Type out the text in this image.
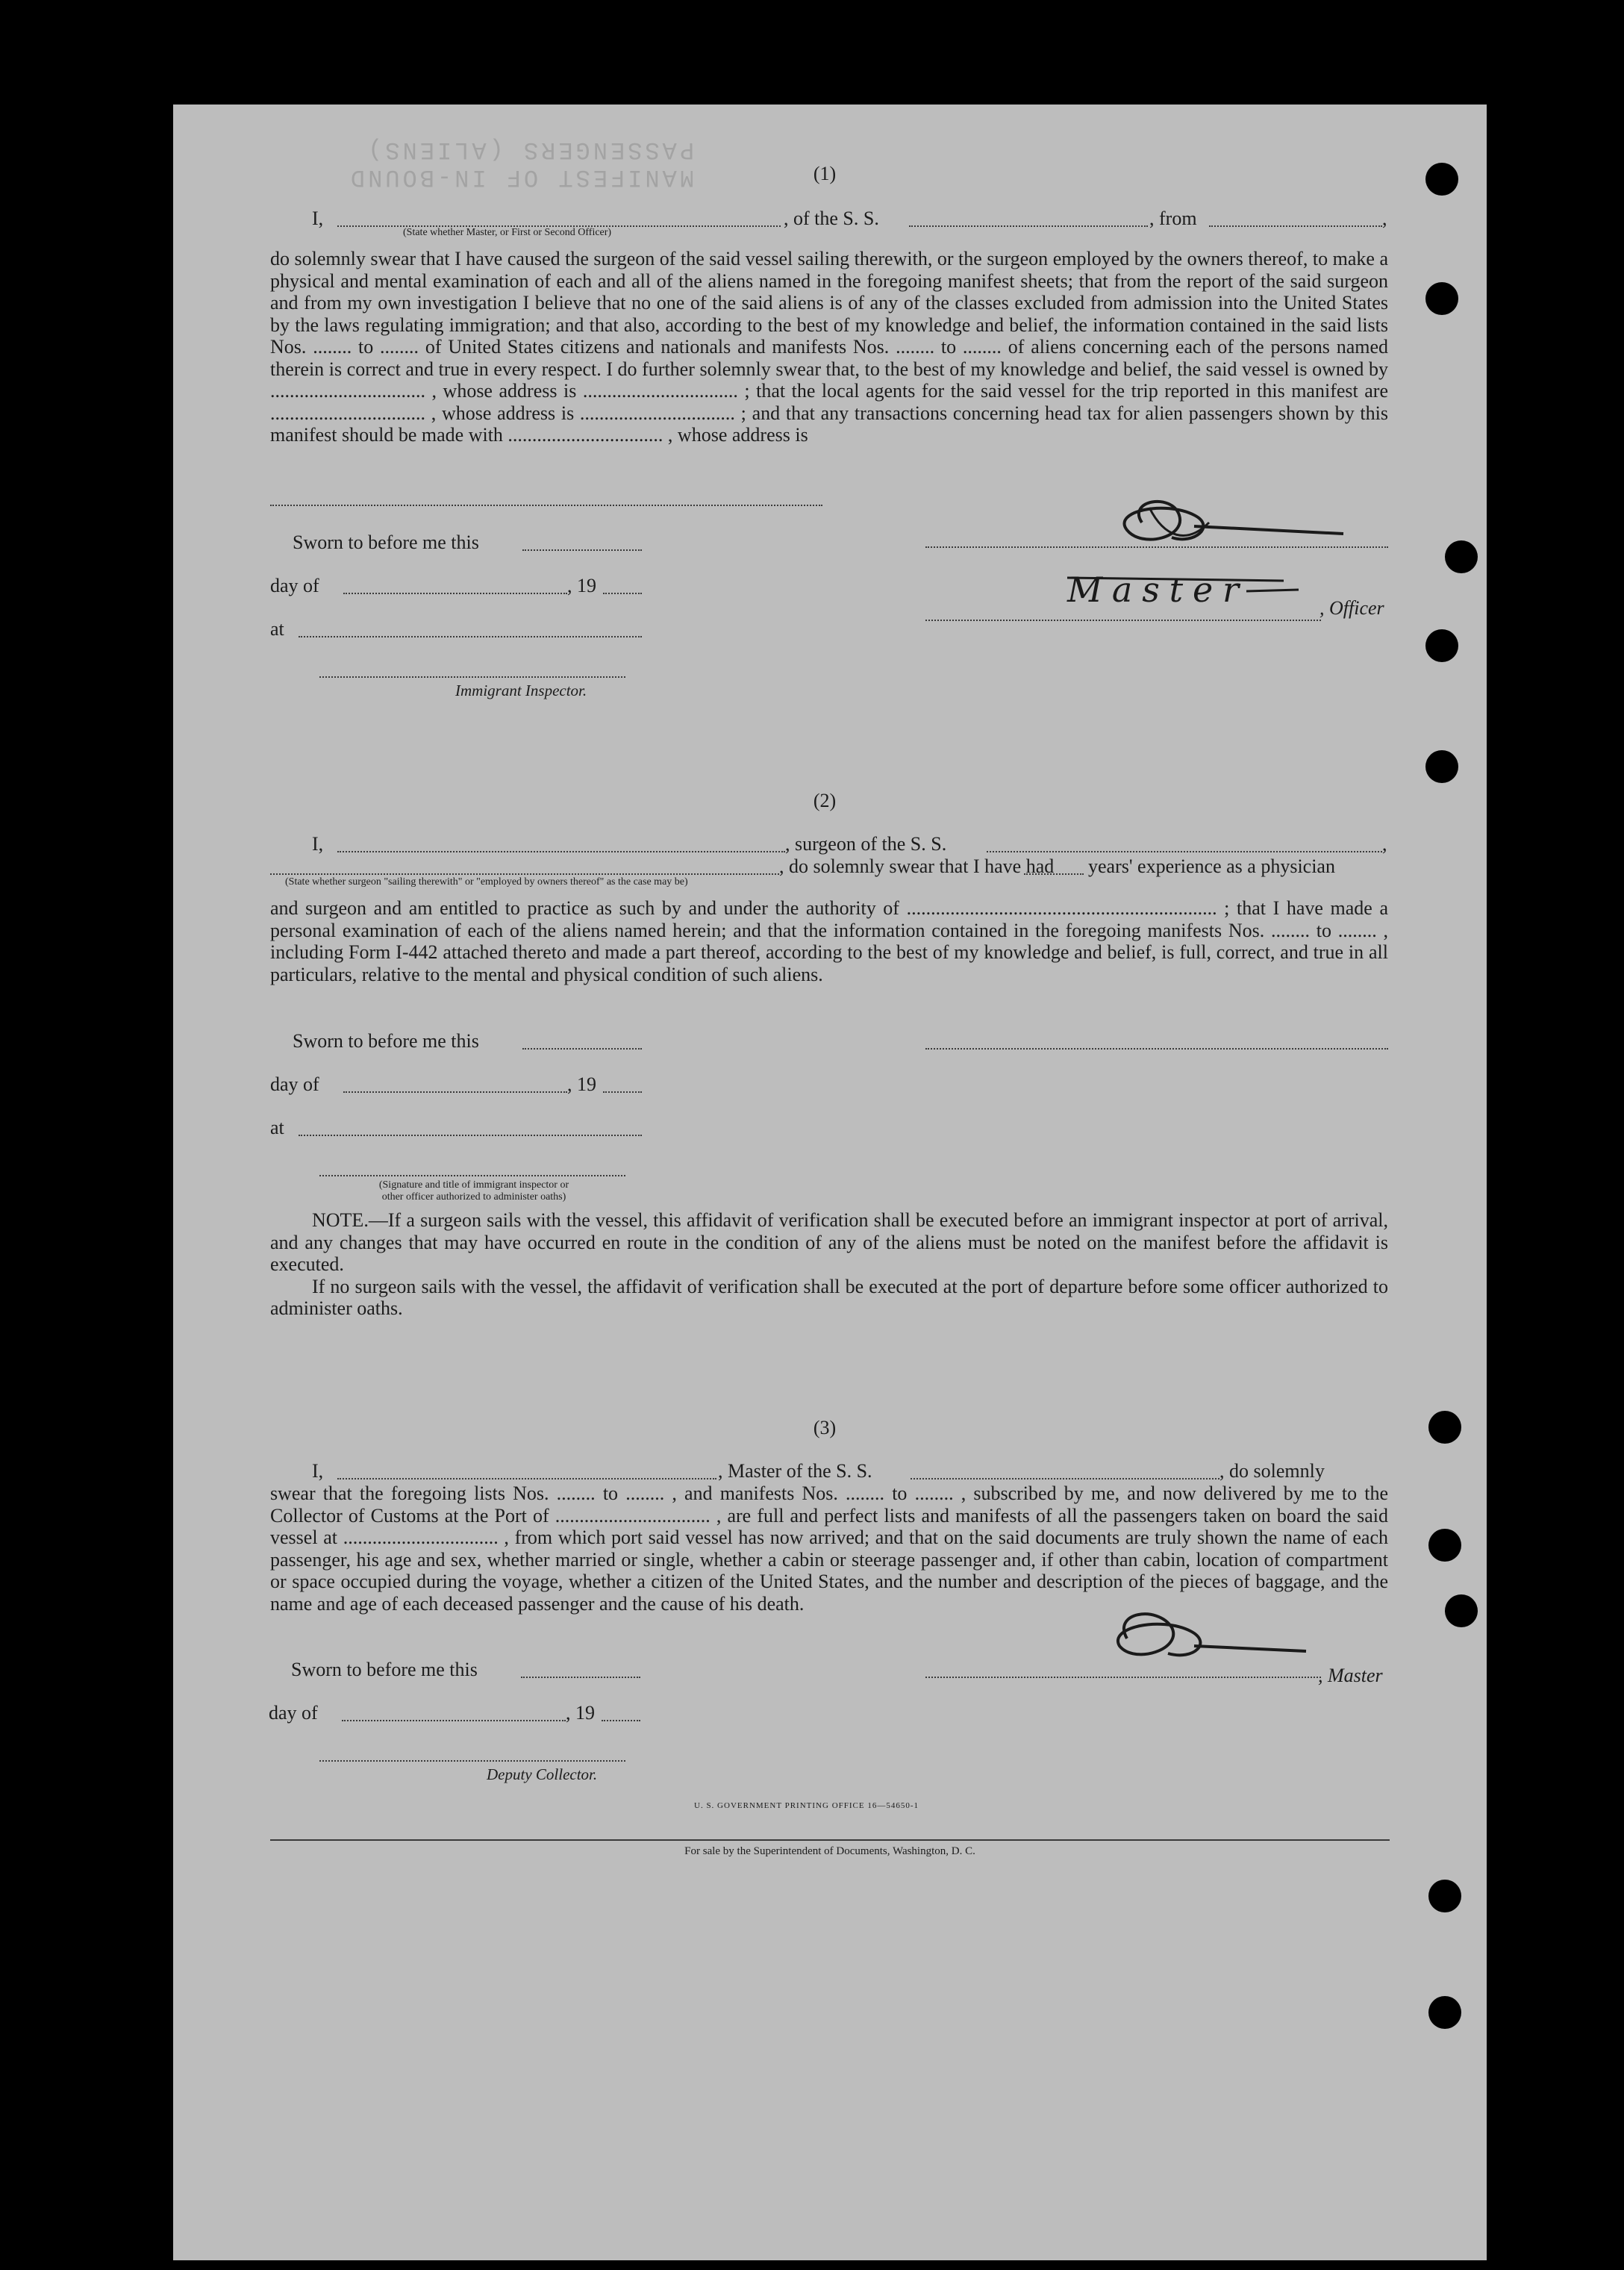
MANIFEST OF IN-BOUND PASSENGERS (ALIENS)
(1)
I,
(State whether Master, or First or Second Officer)
, of the S. S.	, from	,

do solemnly swear that I have caused the surgeon of the said vessel sailing therewith, or the surgeon employed by the owners thereof, to make a physical and mental examination of each and all of the aliens named in the foregoing manifest sheets; that from the report of the said surgeon and from my own investigation I believe that no one of the said aliens is of any of the classes excluded from admission into the United States by the laws regulating immigration; and that also, according to the best of my knowledge and belief, the information contained in the said lists Nos. ........ to ........ of United States citizens and nationals and manifests Nos. ........ to ........ of aliens concerning each of the persons named therein is correct and true in every respect. I do further solemnly swear that, to the best of my knowledge and belief, the said vessel is owned by ................................ , whose address is ................................ ; that the local agents for the said vessel for the trip reported in this manifest are ................................ , whose address is ................................ ; and that any transactions concerning head tax for alien passengers shown by this manifest should be made with ................................ , whose address is

Sworn to before me this
day of	, 19
at
Immigrant Inspector.
Master	, Officer
(2)
I,	, surgeon of the S. S.	,
, do solemnly swear that I have had years' experience as a physician
(State whether surgeon "sailing therewith" or "employed by owners thereof" as the case may be)

and surgeon and am entitled to practice as such by and under the authority of ................................................................ ; that I have made a personal examination of each of the aliens named herein; and that the information contained in the foregoing manifests Nos. ........ to ........ , including Form I-442 attached thereto and made a part thereof, according to the best of my knowledge and belief, is full, correct, and true in all particulars, relative to the mental and physical condition of such aliens.

Sworn to before me this
day of	, 19
at
(Signature and title of immigrant inspector or
other officer authorized to administer oaths)

NOTE.—If a surgeon sails with the vessel, this affidavit of verification shall be executed before an immigrant inspector at port of arrival, and any changes that may have occurred en route in the condition of any of the aliens must be noted on the manifest before the affidavit is executed.

If no surgeon sails with the vessel, the affidavit of verification shall be executed at the port of departure before some officer authorized to administer oaths.

(3)
I,	, Master of the S. S.	, do solemnly

swear that the foregoing lists Nos. ........ to ........ , and manifests Nos. ........ to ........ , subscribed by me, and now delivered by me to the Collector of Customs at the Port of ................................ , are full and perfect lists and manifests of all the passengers taken on board the said vessel at ................................ , from which port said vessel has now arrived; and that on the said documents are truly shown the name of each passenger, his age and sex, whether married or single, whether a cabin or steerage passenger and, if other than cabin, location of compartment or space occupied during the voyage, whether a citizen of the United States, and the number and description of the pieces of baggage, and the name and age of each deceased passenger and the cause of his death.

Sworn to before me this	, Master
day of	, 19
Deputy Collector.
U. S. GOVERNMENT PRINTING OFFICE 16—54650-1
For sale by the Superintendent of Documents, Washington, D. C.
